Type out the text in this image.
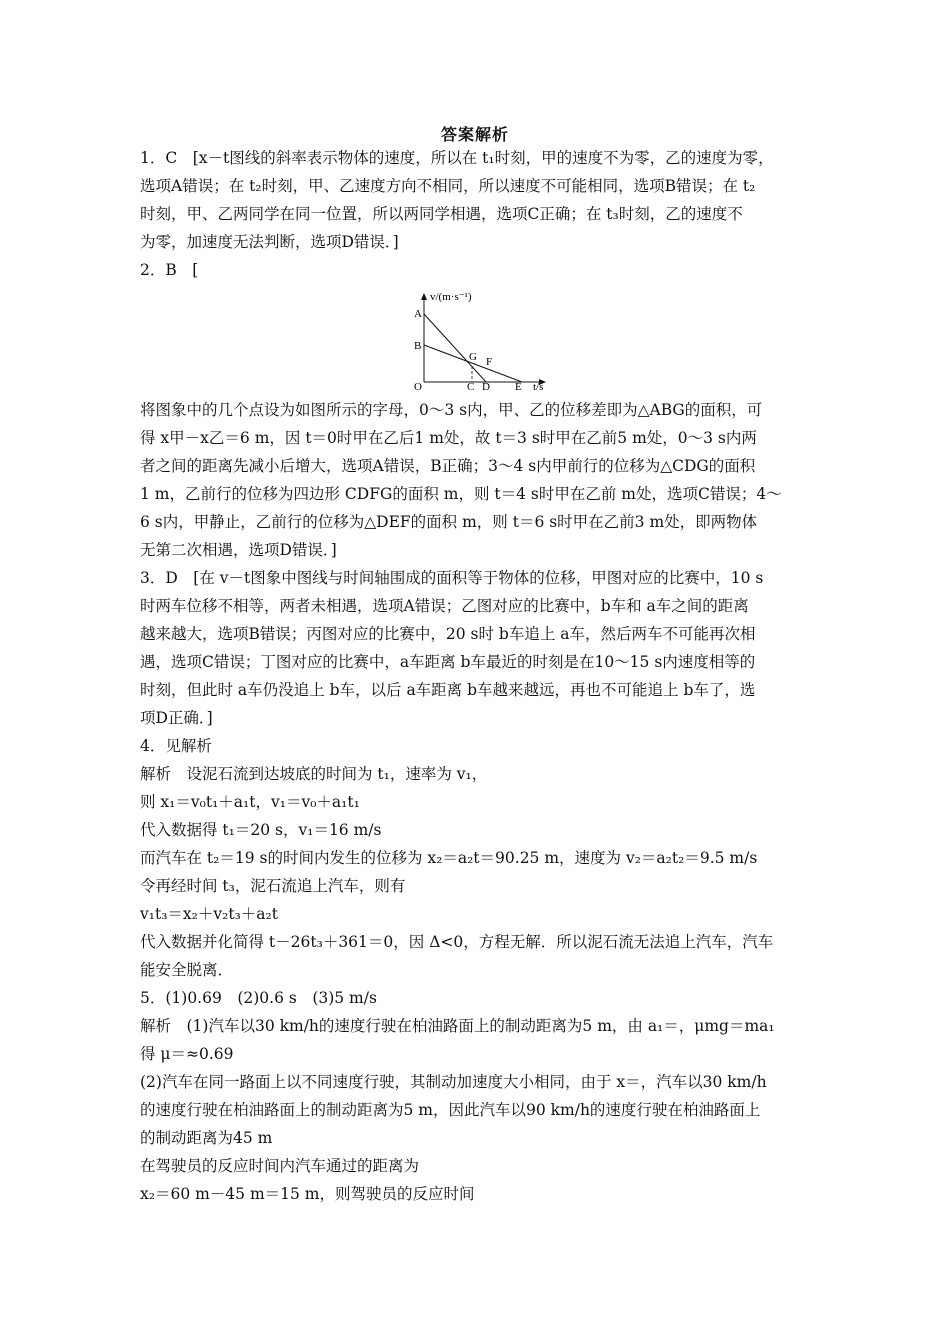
答案解析
1．C　[x－t图线的斜率表示物体的速度，所以在 t₁时刻，甲的速度不为零，乙的速度为零，
选项A错误；在 t₂时刻，甲、乙速度方向不相同，所以速度不可能相同，选项B错误；在 t₂
时刻，甲、乙两同学在同一位置，所以两同学相遇，选项C正确；在 t₃时刻，乙的速度不
为零，加速度无法判断，选项D错误．]
2．B　[
v/(m·s⁻¹)
t/s
A
B
O
G F
C D E
将图象中的几个点设为如图所示的字母，0～3 s内，甲、乙的位移差即为△ABG的面积，可
得 x甲－x乙＝6 m，因 t＝0时甲在乙后1 m处，故 t＝3 s时甲在乙前5 m处，0～3 s内两
者之间的距离先减小后增大，选项A错误，B正确；3～4 s内甲前行的位移为△CDG的面积
1 m，乙前行的位移为四边形 CDFG的面积 m，则 t＝4 s时甲在乙前 m处，选项C错误；4～
6 s内，甲静止，乙前行的位移为△DEF的面积 m，则 t＝6 s时甲在乙前3 m处，即两物体
无第二次相遇，选项D错误．]
3．D　[在 v－t图象中图线与时间轴围成的面积等于物体的位移，甲图对应的比赛中，10 s
时两车位移不相等，两者未相遇，选项A错误；乙图对应的比赛中，b车和 a车之间的距离
越来越大，选项B错误；丙图对应的比赛中，20 s时 b车追上 a车，然后两车不可能再次相
遇，选项C错误；丁图对应的比赛中，a车距离 b车最近的时刻是在10～15 s内速度相等的
时刻，但此时 a车仍没追上 b车，以后 a车距离 b车越来越远，再也不可能追上 b车了，选
项D正确．]
4．见解析
解析　设泥石流到达坡底的时间为 t₁，速率为 v₁，
则 x₁＝v₀t₁＋a₁t，v₁＝v₀＋a₁t₁
代入数据得 t₁＝20 s，v₁＝16 m/s
而汽车在 t₂＝19 s的时间内发生的位移为 x₂＝a₂t＝90.25 m，速度为 v₂＝a₂t₂＝9.5 m/s
令再经时间 t₃，泥石流追上汽车，则有
v₁t₃＝x₂＋v₂t₃＋a₂t
代入数据并化简得 t－26t₃＋361＝0，因 Δ<0，方程无解．所以泥石流无法追上汽车，汽车
能安全脱离．
5．(1)0.69　(2)0.6 s　(3)5 m/s
解析　(1)汽车以30 km/h的速度行驶在柏油路面上的制动距离为5 m，由 a₁＝，μmg＝ma₁
得 μ＝≈0.69
(2)汽车在同一路面上以不同速度行驶，其制动加速度大小相同，由于 x＝，汽车以30 km/h
的速度行驶在柏油路面上的制动距离为5 m，因此汽车以90 km/h的速度行驶在柏油路面上
的制动距离为45 m
在驾驶员的反应时间内汽车通过的距离为
x₂＝60 m－45 m＝15 m，则驾驶员的反应时间
